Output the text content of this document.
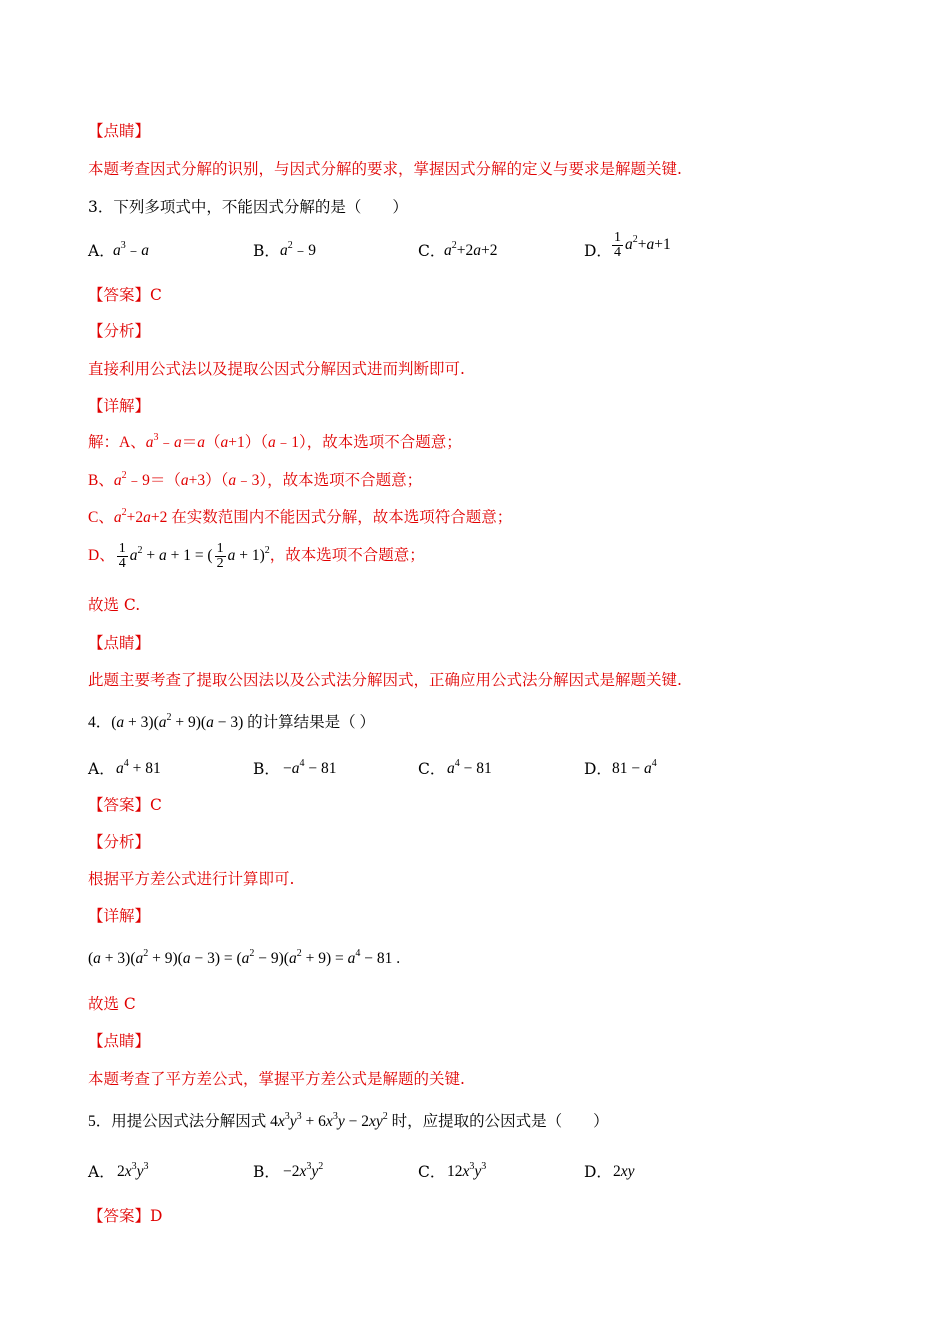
【点睛】
本题考查因式分解的识别，与因式分解的要求，掌握因式分解的定义与要求是解题关键.
3．下列多项式中，不能因式分解的是（　　）
A．
$a^3﹣a$	B． $a^2﹣9$	C．
$a^2+2a+2$	D． $\frac{1}{4} a^2+a+1$
【答案】C
【分析】
直接利用公式法以及提取公因式分解因式进而判断即可.
【详解】
解：A、$a^3﹣a=a(a+1)(a﹣1)$，故本选项不合题意；
B、$a^2﹣9=(a+3)(a﹣3)$，故本选项不合题意；
C、$a^2+2a+2$ 在实数范围内不能因式分解，故本选项符合题意；
D、 $\frac{1}{4} a^2 + a + 1$ = ( $\frac{1}{2}$ a + 1)$^2$，故本选项不合题意；
故选 C.
【点睛】
此题主要考查了提取公因法以及公式法分解因式，正确应用公式法分解因式是解题关键.
4．$(a + 3)(a^2 + 9)(a - 3)$ 的计算结果是（ ）
A． $a^4 + 81$	B． $-a^4 - 81$	C． $a^4 - 81$	D． $81 - a^4$
【答案】C
【分析】
根据平方差公式进行计算即可.
【详解】
$(a + 3)(a^2 + 9)(a - 3) = (a^2 - 9)(a^2 + 9) = a^4 - 81$ .
故选 C
【点睛】
本题考查了平方差公式，掌握平方差公式是解题的关键.
5．用提公因式法分解因式 $4x^3y^3 + 6x^3y - 2xy^2$ 时，应提取的公因式是（　　）
A． $2x^3y^3$	B． $-2x^3y^2$	C． $12x^3y^3$	D． 2xy
【答案】D
